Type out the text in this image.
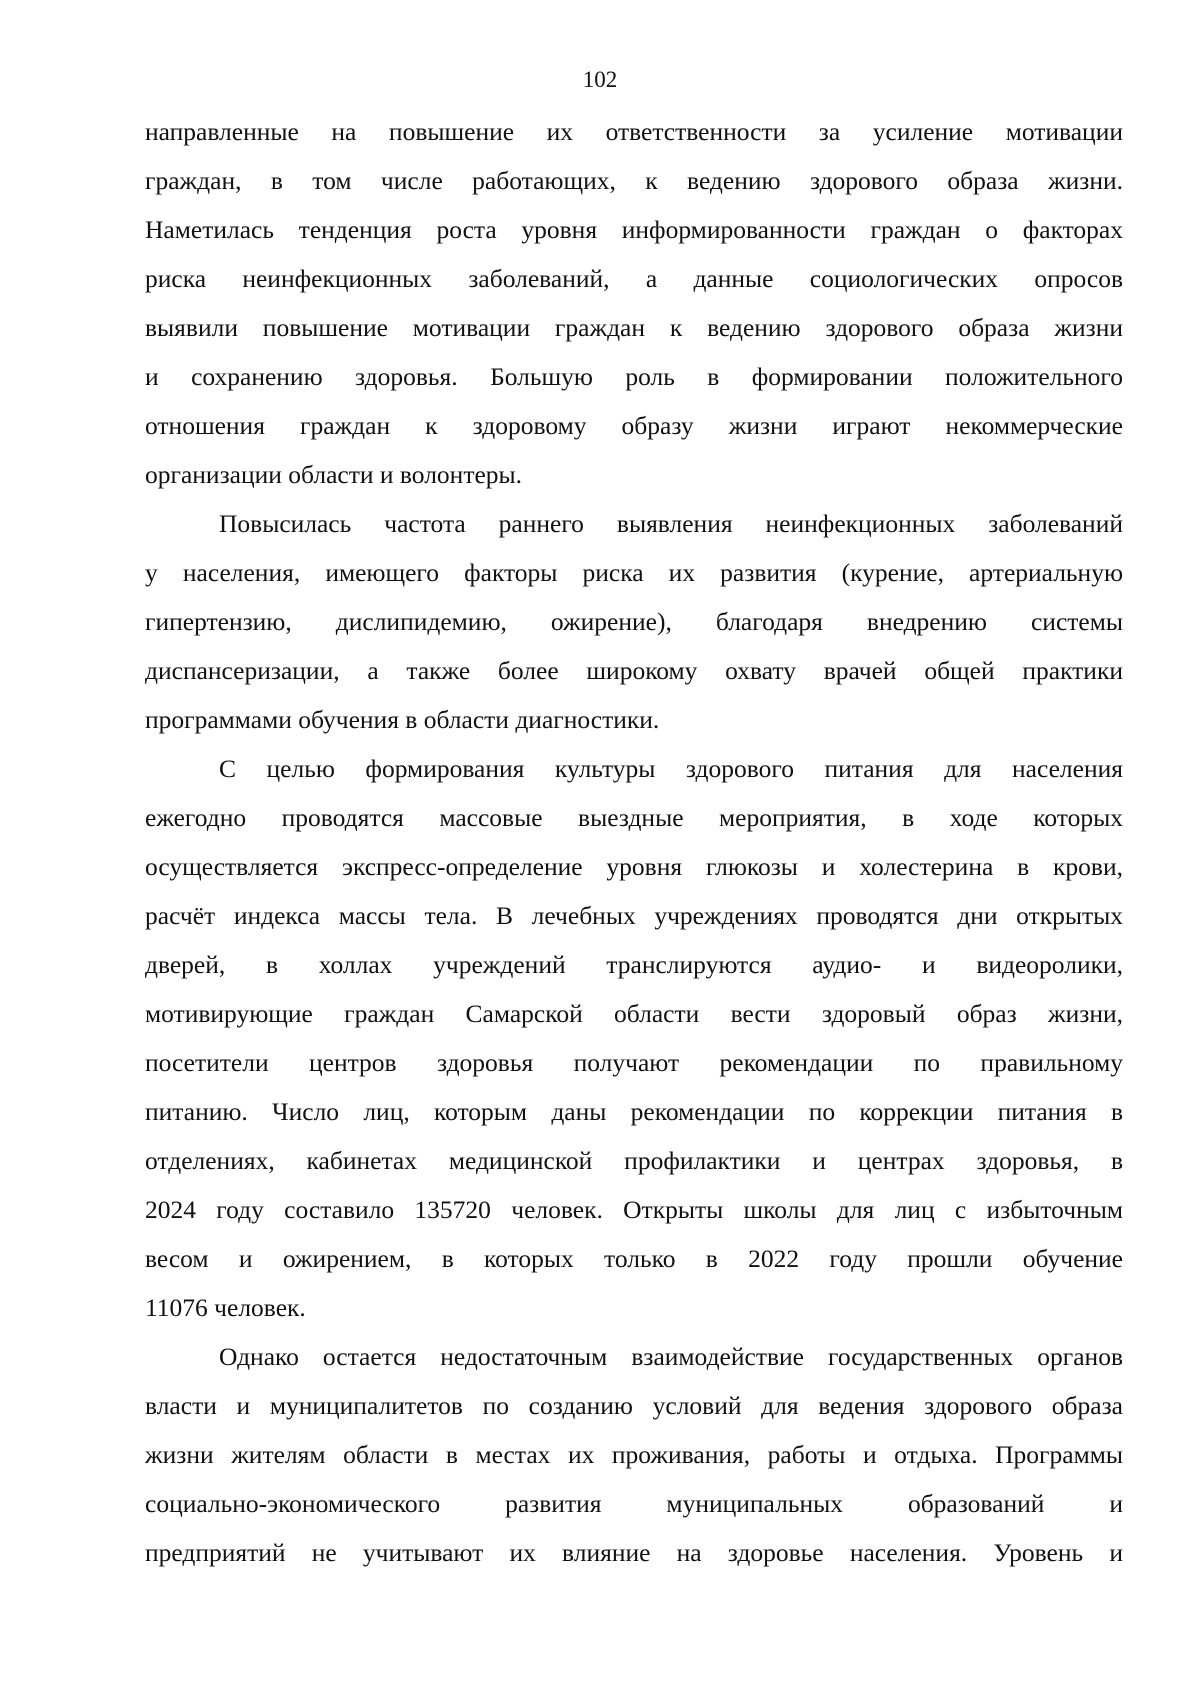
102
направленные на повышение их ответственности за усиление мотивации
граждан, в том числе работающих, к ведению здорового образа жизни.
Наметилась тенденция роста уровня информированности граждан о факторах
риска неинфекционных заболеваний, а данные социологических опросов
выявили повышение мотивации граждан к ведению здорового образа жизни
и сохранению здоровья. Большую роль в формировании положительного
отношения граждан к здоровому образу жизни играют некоммерческие
организации области и волонтеры.
Повысилась частота раннего выявления неинфекционных заболеваний
у населения, имеющего факторы риска их развития (курение, артериальную
гипертензию, дислипидемию, ожирение), благодаря внедрению системы
диспансеризации, а также более широкому охвату врачей общей практики
программами обучения в области диагностики.
С целью формирования культуры здорового питания для населения
ежегодно проводятся массовые выездные мероприятия, в ходе которых
осуществляется экспресс-определение уровня глюкозы и холестерина в крови,
расчёт индекса массы тела. В лечебных учреждениях проводятся дни открытых
дверей, в холлах учреждений транслируются аудио- и видеоролики,
мотивирующие граждан Самарской области вести здоровый образ жизни,
посетители центров здоровья получают рекомендации по правильному
питанию. Число лиц, которым даны рекомендации по коррекции питания в
отделениях, кабинетах медицинской профилактики и центрах здоровья, в
2024 году составило 135720 человек. Открыты школы для лиц с избыточным
весом и ожирением, в которых только в 2022 году прошли обучение
11076 человек.
Однако остается недостаточным взаимодействие государственных органов
власти и муниципалитетов по созданию условий для ведения здорового образа
жизни жителям области в местах их проживания, работы и отдыха. Программы
социально-экономического развития муниципальных образований и
предприятий не учитывают их влияние на здоровье населения. Уровень и
